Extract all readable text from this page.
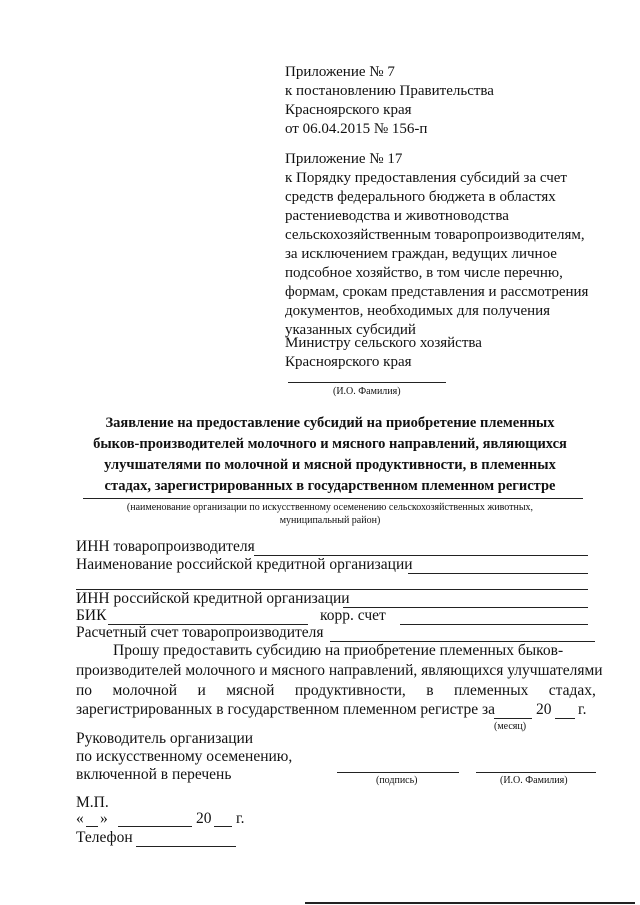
Приложение № 7
к постановлению Правительства
Красноярского края
от 06.04.2015 № 156-п
Приложение № 17
к Порядку предоставления субсидий за счет
средств федерального бюджета в областях
растениеводства и животноводства
сельскохозяйственным товаропроизводителям,
за исключением граждан, ведущих личное
подсобное хозяйство, в том числе перечню,
формам, срокам представления и рассмотрения
документов, необходимых для получения
указанных субсидий
Министру сельского хозяйства
Красноярского края
(И.О. Фамилия)
Заявление на предоставление субсидий на приобретение племенных
быков-производителей молочного и мясного направлений, являющихся
улучшателями по молочной и мясной продуктивности, в племенных
стадах, зарегистрированных в государственном племенном регистре
(наименование организации по искусственному осеменению сельскохозяйственных животных,
муниципальный район)
ИНН товаропроизводителя
Наименование российской кредитной организации
ИНН российской кредитной организации
БИК	корр. счет
Расчетный счет товаропроизводителя
Прошу предоставить субсидию на приобретение племенных быков-
производителей молочного и мясного направлений, являющихся улучшателями
по молочной и мясной продуктивности, в племенных стадах,
зарегистрированных в государственном племенном регистре за	20 г.
(месяц)
Руководитель организации
по искусственному осеменению,
включенной в перечень	(подпись)	(И.О. Фамилия)
М.П.
« »	20 г.
Телефон
